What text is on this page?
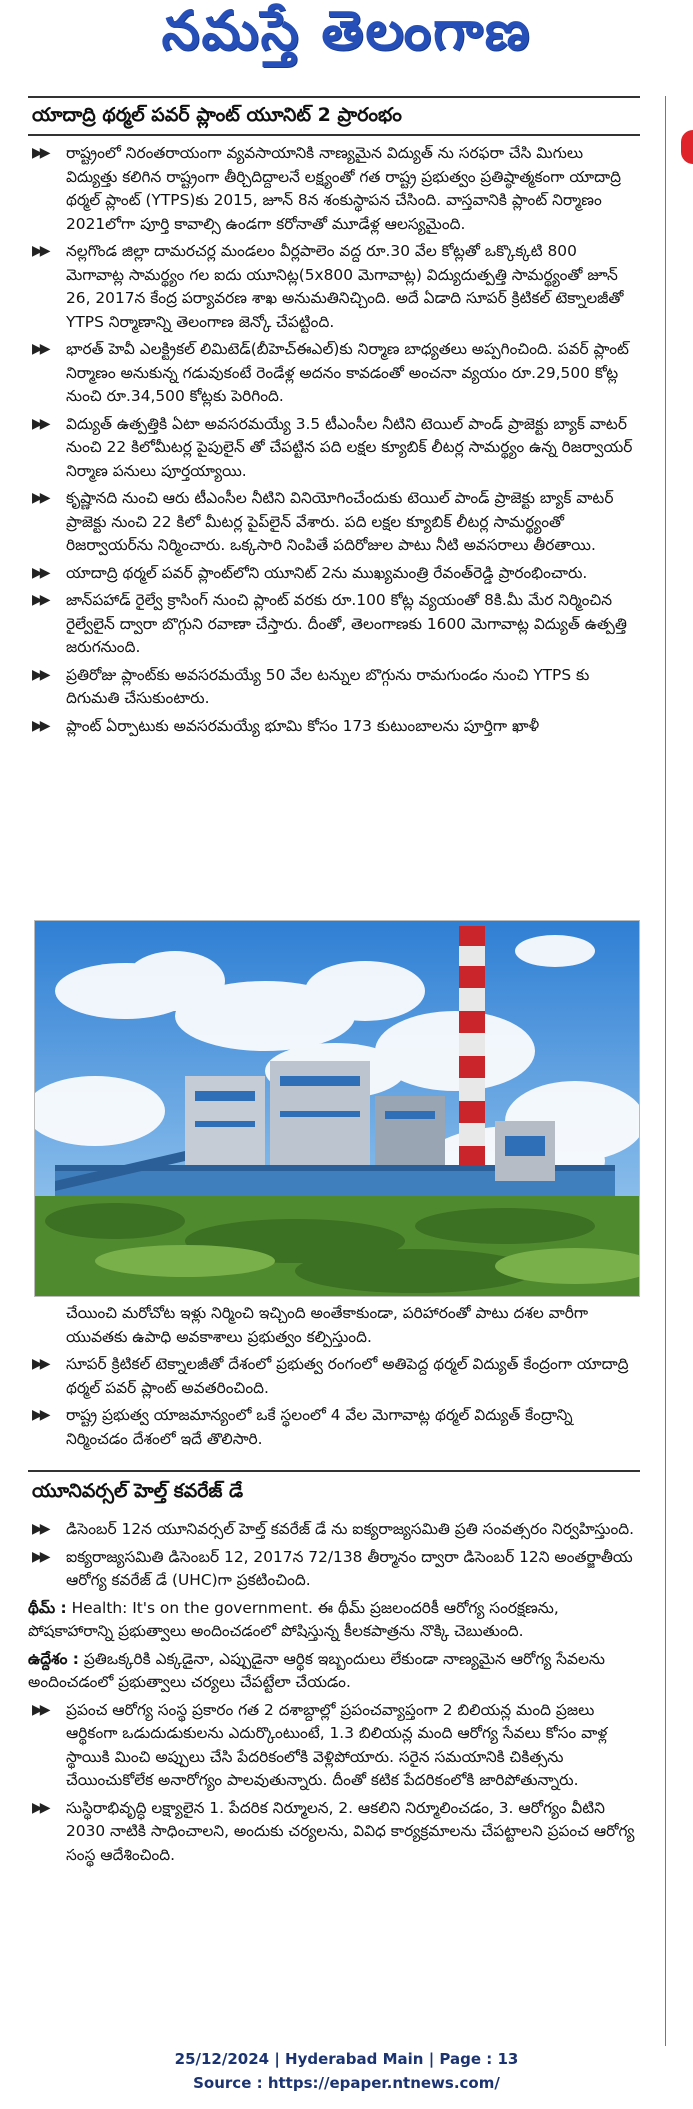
నమస్తే తెలంగాణ
యాదాద్రి థర్మల్ పవర్ ప్లాంట్ యూనిట్ 2 ప్రారంభం
▶▶ రాష్ట్రంలో నిరంతరాయంగా వ్యవసాయానికి నాణ్యమైన విద్యుత్ ను సరఫరా చేసి మిగులు విద్యుత్తు కలిగిన రాష్ట్రంగా తీర్చిదిద్దాలనే లక్ష్యంతో గత రాష్ట్ర ప్రభుత్వం ప్రతిష్ఠాత్మకంగా యాదాద్రి థర్మల్ ప్లాంట్ (YTPS)కు 2015, జూన్ 8న శంకుస్థాపన చేసింది. వాస్తవానికి ప్లాంట్ నిర్మాణం 2021లోగా పూర్తి కావాల్సి ఉండగా కరోనాతో మూడేళ్ల ఆలస్యమైంది.
▶▶ నల్లగొండ జిల్లా దామరచర్ల మండలం వీర్లపాలెం వద్ద రూ.30 వేల కోట్లతో ఒక్కొక్కటి 800 మెగావాట్ల సామర్థ్యం గల ఐదు యూనిట్ల(5x800 మెగావాట్ల) విద్యుదుత్పత్తి సామర్థ్యంతో జూన్ 26, 2017న కేంద్ర పర్యావరణ శాఖ అనుమతినిచ్చింది. అదే ఏడాది సూపర్ క్రిటికల్ టెక్నాలజీతో YTPS నిర్మాణాన్ని తెలంగాణ జెన్కో చేపట్టింది.
▶▶ భారత్ హెవీ ఎలక్ట్రికల్ లిమిటెడ్(బీహెచ్ఈఎల్)కు నిర్మాణ బాధ్యతలు అప్పగించింది. పవర్ ప్లాంట్ నిర్మాణం అనుకున్న గడువుకంటే రెండేళ్ల అదనం కావడంతో అంచనా వ్యయం రూ.29,500 కోట్ల నుంచి రూ.34,500 కోట్లకు పెరిగింది.
▶▶ విద్యుత్ ఉత్పత్తికి ఏటా అవసరమయ్యే 3.5 టీఎంసీల నీటిని టెయిల్ పాండ్ ప్రాజెక్టు బ్యాక్ వాటర్ నుంచి 22 కిలోమీటర్ల పైపులైన్ తో చేపట్టిన పది లక్షల క్యూబిక్ లీటర్ల సామర్థ్యం ఉన్న రిజర్వాయర్ నిర్మాణ పనులు పూర్తయ్యాయి.
▶▶ కృష్ణానది నుంచి ఆరు టీఎంసీల నీటిని వినియోగించేందుకు టెయిల్ పాండ్ ప్రాజెక్టు బ్యాక్ వాటర్ ప్రాజెక్టు నుంచి 22 కిలో మీటర్ల పైప్‌లైన్ వేశారు. పది లక్షల క్యూబిక్ లీటర్ల సామర్థ్యంతో రిజర్వాయర్‌ను నిర్మించారు. ఒక్కసారి నింపితే పదిరోజుల పాటు నీటి అవసరాలు తీరతాయి.
▶▶ యాదాద్రి థర్మల్ పవర్ ప్లాంట్‌లోని యూనిట్ 2ను ముఖ్యమంత్రి రేవంత్‌రెడ్డి ప్రారంభించారు.
▶▶ జాన్‌పహాడ్ రైల్వే క్రాసింగ్ నుంచి ప్లాంట్ వరకు రూ.100 కోట్ల వ్యయంతో 8కి.మీ మేర నిర్మించిన రైల్వేలైన్ ద్వారా బొగ్గుని రవాణా చేస్తారు. దీంతో, తెలంగాణకు 1600 మెగావాట్ల విద్యుత్ ఉత్పత్తి జరుగనుంది.
▶▶ ప్రతిరోజు ప్లాంట్‌కు అవసరమయ్యే 50 వేల టన్నుల బొగ్గును రామగుండం నుంచి YTPS కు దిగుమతి చేసుకుంటారు.
▶▶ ప్లాంట్ ఏర్పాటుకు అవసరమయ్యే భూమి కోసం 173 కుటుంబాలను పూర్తిగా ఖాళీ

చేయించి మరోచోట ఇళ్లు నిర్మించి ఇచ్చింది అంతేకాకుండా, పరిహారంతో పాటు దశల వారీగా యువతకు ఉపాధి అవకాశాలు ప్రభుత్వం కల్పిస్తుంది.

▶▶ సూపర్ క్రిటికల్ టెక్నాలజీతో దేశంలో ప్రభుత్వ రంగంలో అతిపెద్ద థర్మల్ విద్యుత్ కేంద్రంగా యాదాద్రి థర్మల్ పవర్ ప్లాంట్ అవతరించింది.
▶▶ రాష్ట్ర ప్రభుత్వ యాజమాన్యంలో ఒకే స్థలంలో 4 వేల మెగావాట్ల థర్మల్ విద్యుత్ కేంద్రాన్ని నిర్మించడం దేశంలో ఇదే తొలిసారి.
యూనివర్సల్ హెల్త్ కవరేజ్ డే
▶▶ డిసెంబర్ 12న యూనివర్సల్ హెల్త్ కవరేజ్ డే ను ఐక్యరాజ్యసమితి ప్రతి సంవత్సరం నిర్వహిస్తుంది.
▶▶ ఐక్యరాజ్యసమితి డిసెంబర్ 12, 2017న 72/138 తీర్మానం ద్వారా డిసెంబర్ 12ని అంతర్జాతీయ ఆరోగ్య కవరేజ్ డే (UHC)గా ప్రకటించింది.

థీమ్ : Health: It's on the government. ఈ థీమ్ ప్రజలందరికీ ఆరోగ్య సంరక్షణను, పోషకాహారాన్ని ప్రభుత్వాలు అందించడంలో పోషిస్తున్న కీలకపాత్రను నొక్కి చెబుతుంది.

ఉద్దేశం : ప్రతిఒక్కరికి ఎక్కడైనా, ఎప్పుడైనా ఆర్థిక ఇబ్బందులు లేకుండా నాణ్యమైన ఆరోగ్య సేవలను అందించడంలో ప్రభుత్వాలు చర్యలు చేపట్టేలా చేయడం.

▶▶ ప్రపంచ ఆరోగ్య సంస్థ ప్రకారం గత 2 దశాబ్దాల్లో ప్రపంచవ్యాప్తంగా 2 బిలియన్ల మంది ప్రజలు ఆర్థికంగా ఒడుదుడుకులను ఎదుర్కొంటుంటే, 1.3 బిలియన్ల మంది ఆరోగ్య సేవలు కోసం వాళ్ల స్థాయికి మించి అప్పులు చేసి పేదరికంలోకి వెళ్లిపోయారు. సరైన సమయానికి చికిత్సను చేయించుకోలేక అనారోగ్యం పాలవుతున్నారు. దీంతో కటిక పేదరికంలోకి జారిపోతున్నారు.
▶▶ సుస్థిరాభివృద్ధి లక్ష్యాలైన 1. పేదరిక నిర్మూలన, 2. ఆకలిని నిర్మూలించడం, 3. ఆరోగ్యం వీటిని 2030 నాటికి సాధించాలని, అందుకు చర్యలను, వివిధ కార్యక్రమాలను చేపట్టాలని ప్రపంచ ఆరోగ్య సంస్థ ఆదేశించింది.
25/12/2024 | Hyderabad Main | Page : 13
Source : https://epaper.ntnews.com/
